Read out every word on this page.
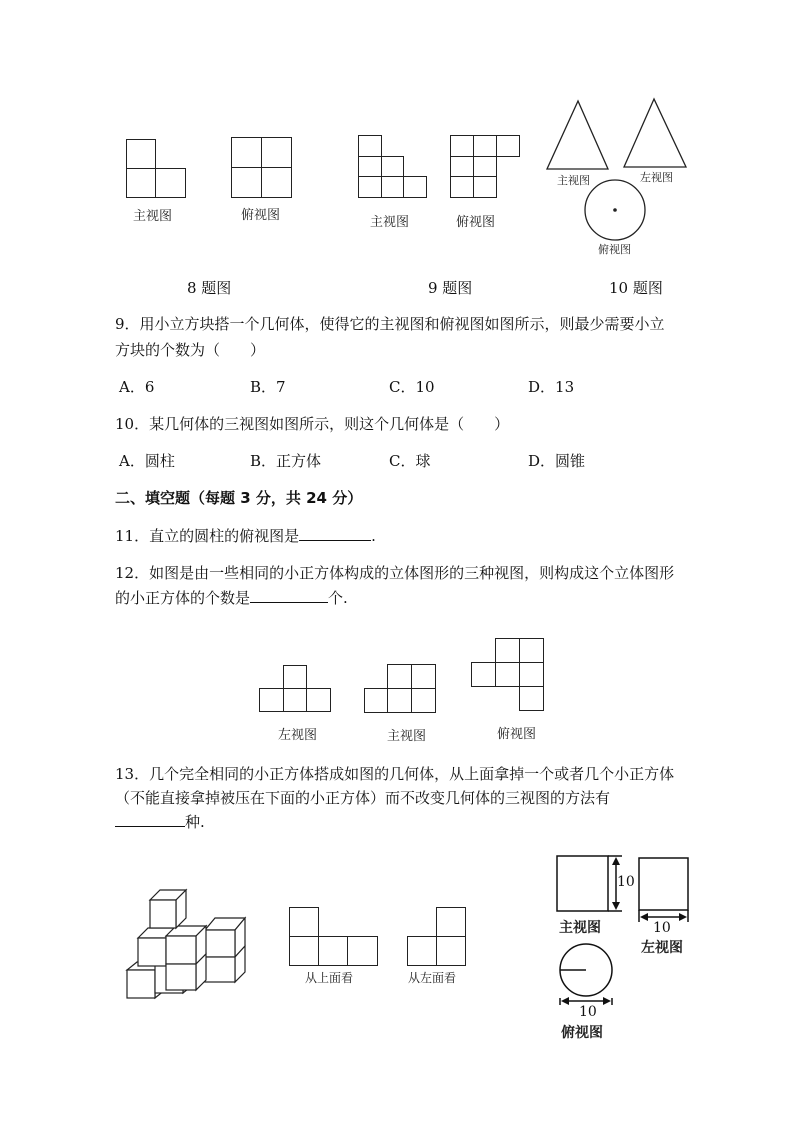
主视图	俯视图
8 题图
主视图	俯视图
9 题图
主视图	左视图
俯视图
10 题图
9．用小立方块搭一个几何体，使得它的主视图和俯视图如图所示，则最少需要小立
方块的个数为（　　）
A．6	B．7	C．10	D．13
10．某几何体的三视图如图所示，则这个几何体是（　　）
A．圆柱	B．正方体	C．球	D．圆锥
二、填空题（每题 3 分，共 24 分）
11．直立的圆柱的俯视图是	.
12．如图是由一些相同的小正方体构成的立体图形的三种视图，则构成这个立体图形
的小正方体的个数是	个.
左视图	主视图	俯视图
13．几个完全相同的小正方体搭成如图的几何体，从上面拿掉一个或者几个小正方体
（不能直接拿掉被压在下面的小正方体）而不改变几何体的三视图的方法有
种.
从上面看	从左面看
10
10
10
主视图
左视图
俯视图
